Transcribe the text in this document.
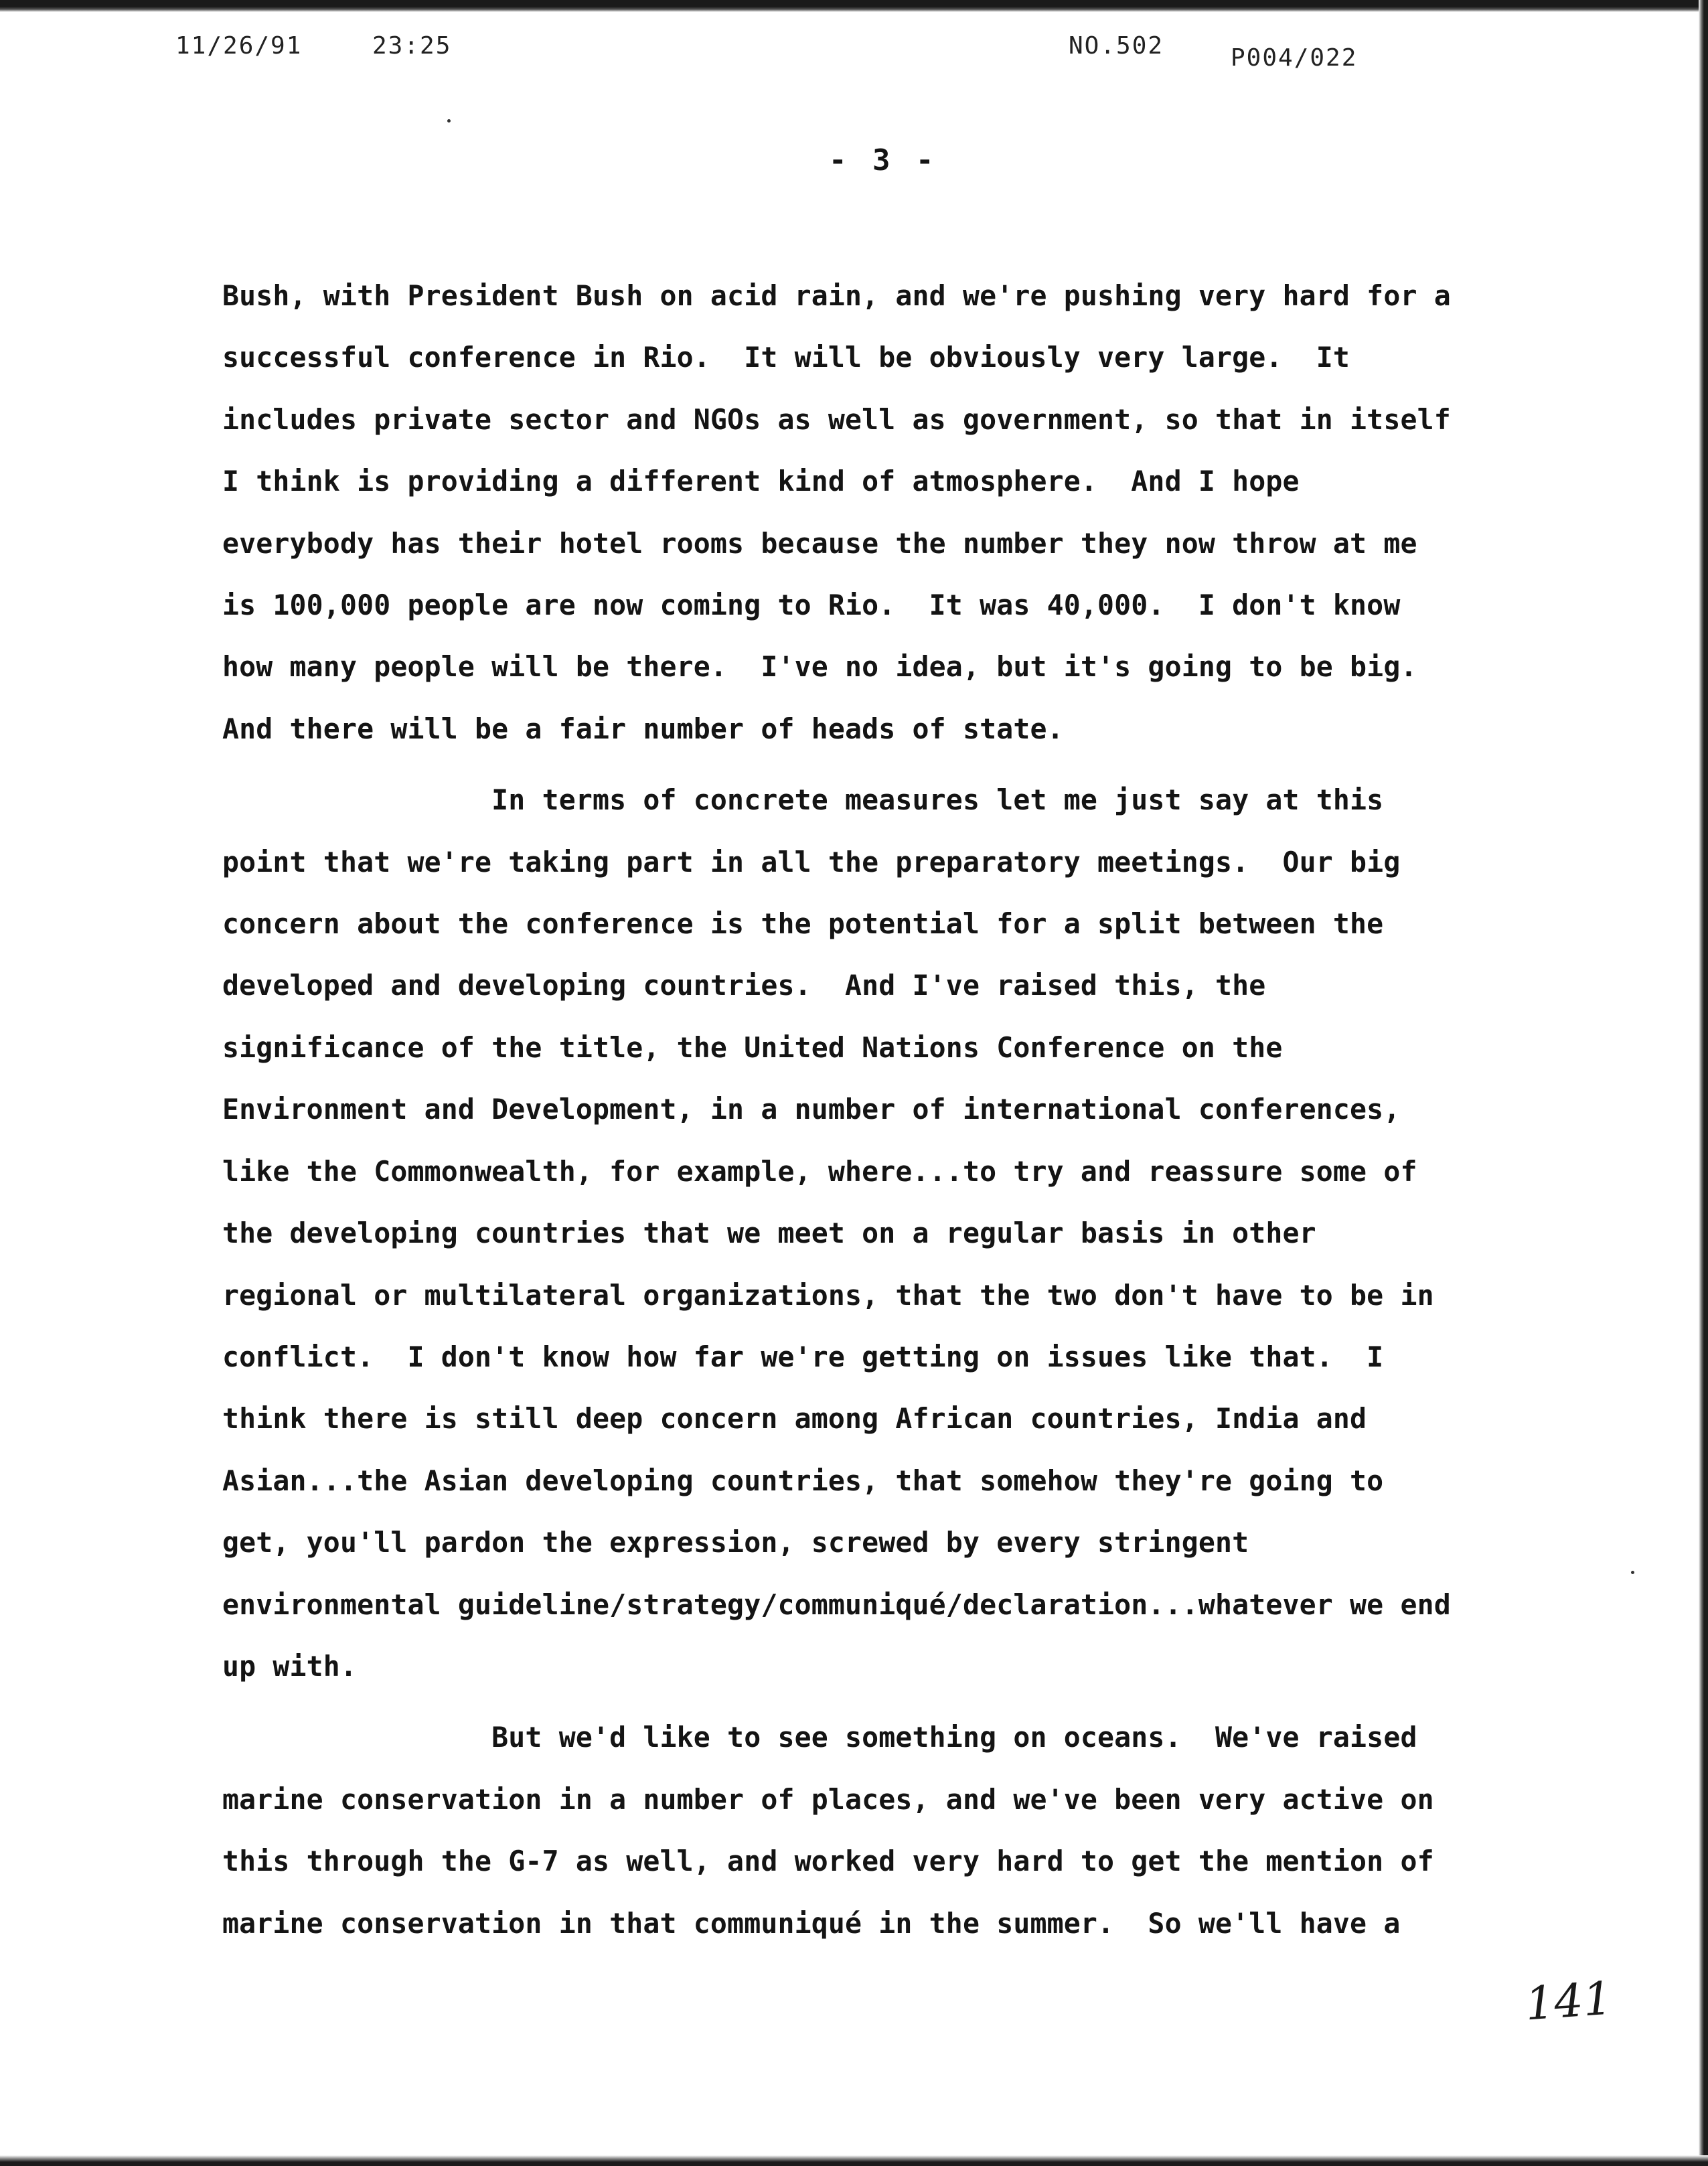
11/26/91	23:25	NO.502	P004/022
- 3 -

Bush, with President Bush on acid rain, and we're pushing very hard for a

successful conference in Rio.  It will be obviously very large.  It

includes private sector and NGOs as well as government, so that in itself

I think is providing a different kind of atmosphere.  And I hope

everybody has their hotel rooms because the number they now throw at me

is 100,000 people are now coming to Rio.  It was 40,000.  I don't know

how many people will be there.  I've no idea, but it's going to be big.

And there will be a fair number of heads of state.

In terms of concrete measures let me just say at this

point that we're taking part in all the preparatory meetings.  Our big

concern about the conference is the potential for a split between the

developed and developing countries.  And I've raised this, the

significance of the title, the United Nations Conference on the

Environment and Development, in a number of international conferences,

like the Commonwealth, for example, where...to try and reassure some of

the developing countries that we meet on a regular basis in other

regional or multilateral organizations, that the two don't have to be in

conflict.  I don't know how far we're getting on issues like that.  I

think there is still deep concern among African countries, India and

Asian...the Asian developing countries, that somehow they're going to

get, you'll pardon the expression, screwed by every stringent

environmental guideline/strategy/communiqué/declaration...whatever we end

up with.

But we'd like to see something on oceans.  We've raised

marine conservation in a number of places, and we've been very active on

this through the G-7 as well, and worked very hard to get the mention of

marine conservation in that communiqué in the summer.  So we'll have a

141
